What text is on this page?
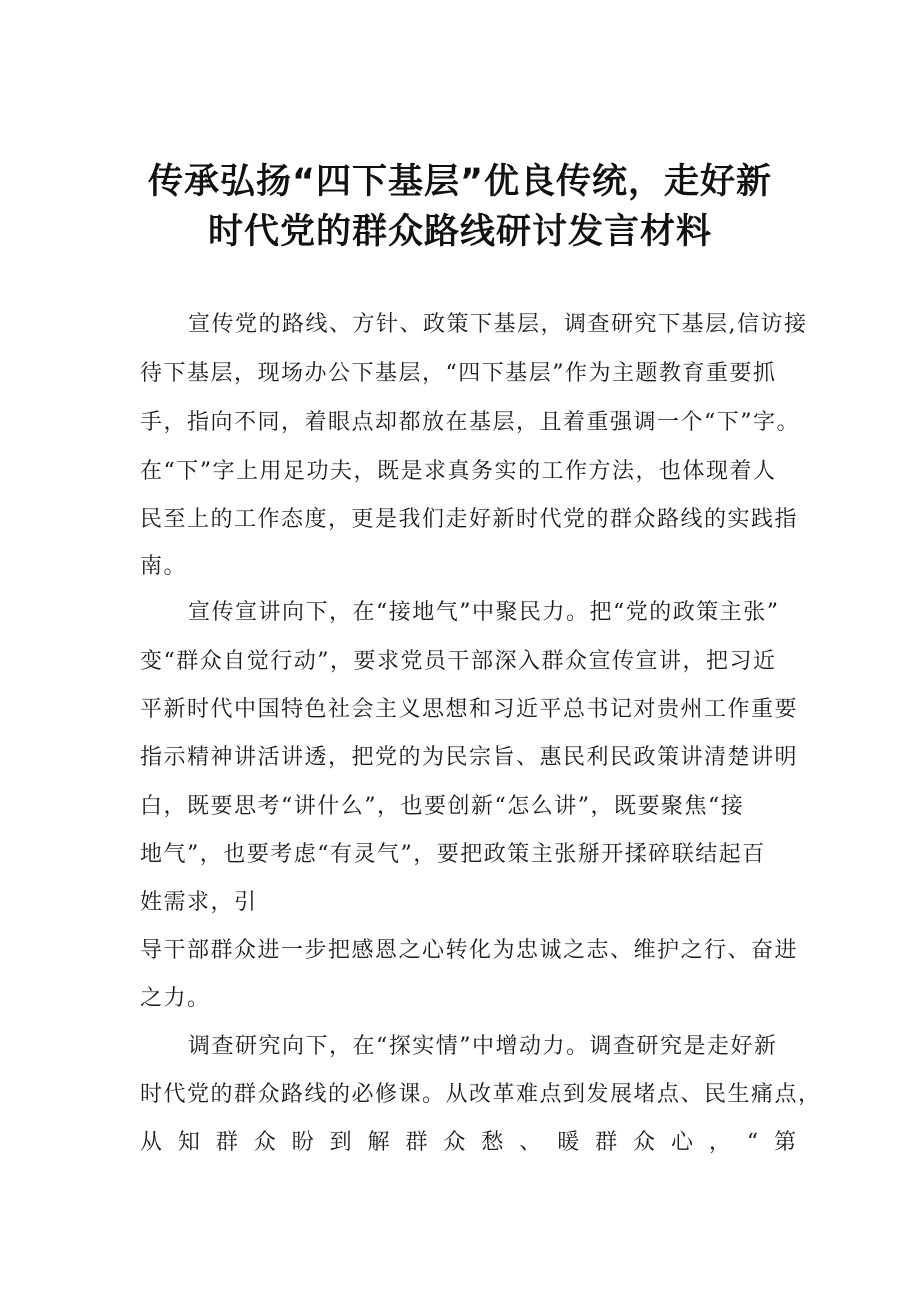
传承弘扬“四下基层”优良传统，走好新
时代党的群众路线研讨发言材料
宣传党的路线、方针、政策下基层，调查研究下基层,信访接
待下基层，现场办公下基层，“四下基层”作为主题教育重要抓
手，指向不同，着眼点却都放在基层，且着重强调一个“下”字。
在“下”字上用足功夫，既是求真务实的工作方法，也体现着人
民至上的工作态度，更是我们走好新时代党的群众路线的实践指
南。
宣传宣讲向下，在“接地气”中聚民力。把“党的政策主张”
变“群众自觉行动”，要求党员干部深入群众宣传宣讲，把习近
平新时代中国特色社会主义思想和习近平总书记对贵州工作重要
指示精神讲活讲透，把党的为民宗旨、惠民利民政策讲清楚讲明
白，既要思考“讲什么”，也要创新“怎么讲”，既要聚焦“接
地气”，也要考虑“有灵气”，要把政策主张掰开揉碎联结起百
姓需求，引
导干部群众进一步把感恩之心转化为忠诚之志、维护之行、奋进
之力。
调查研究向下，在“探实情”中增动力。调查研究是走好新
时代党的群众路线的必修课。从改革难点到发展堵点、民生痛点，
从知群众盼到解群众愁、暖群众心，“第
